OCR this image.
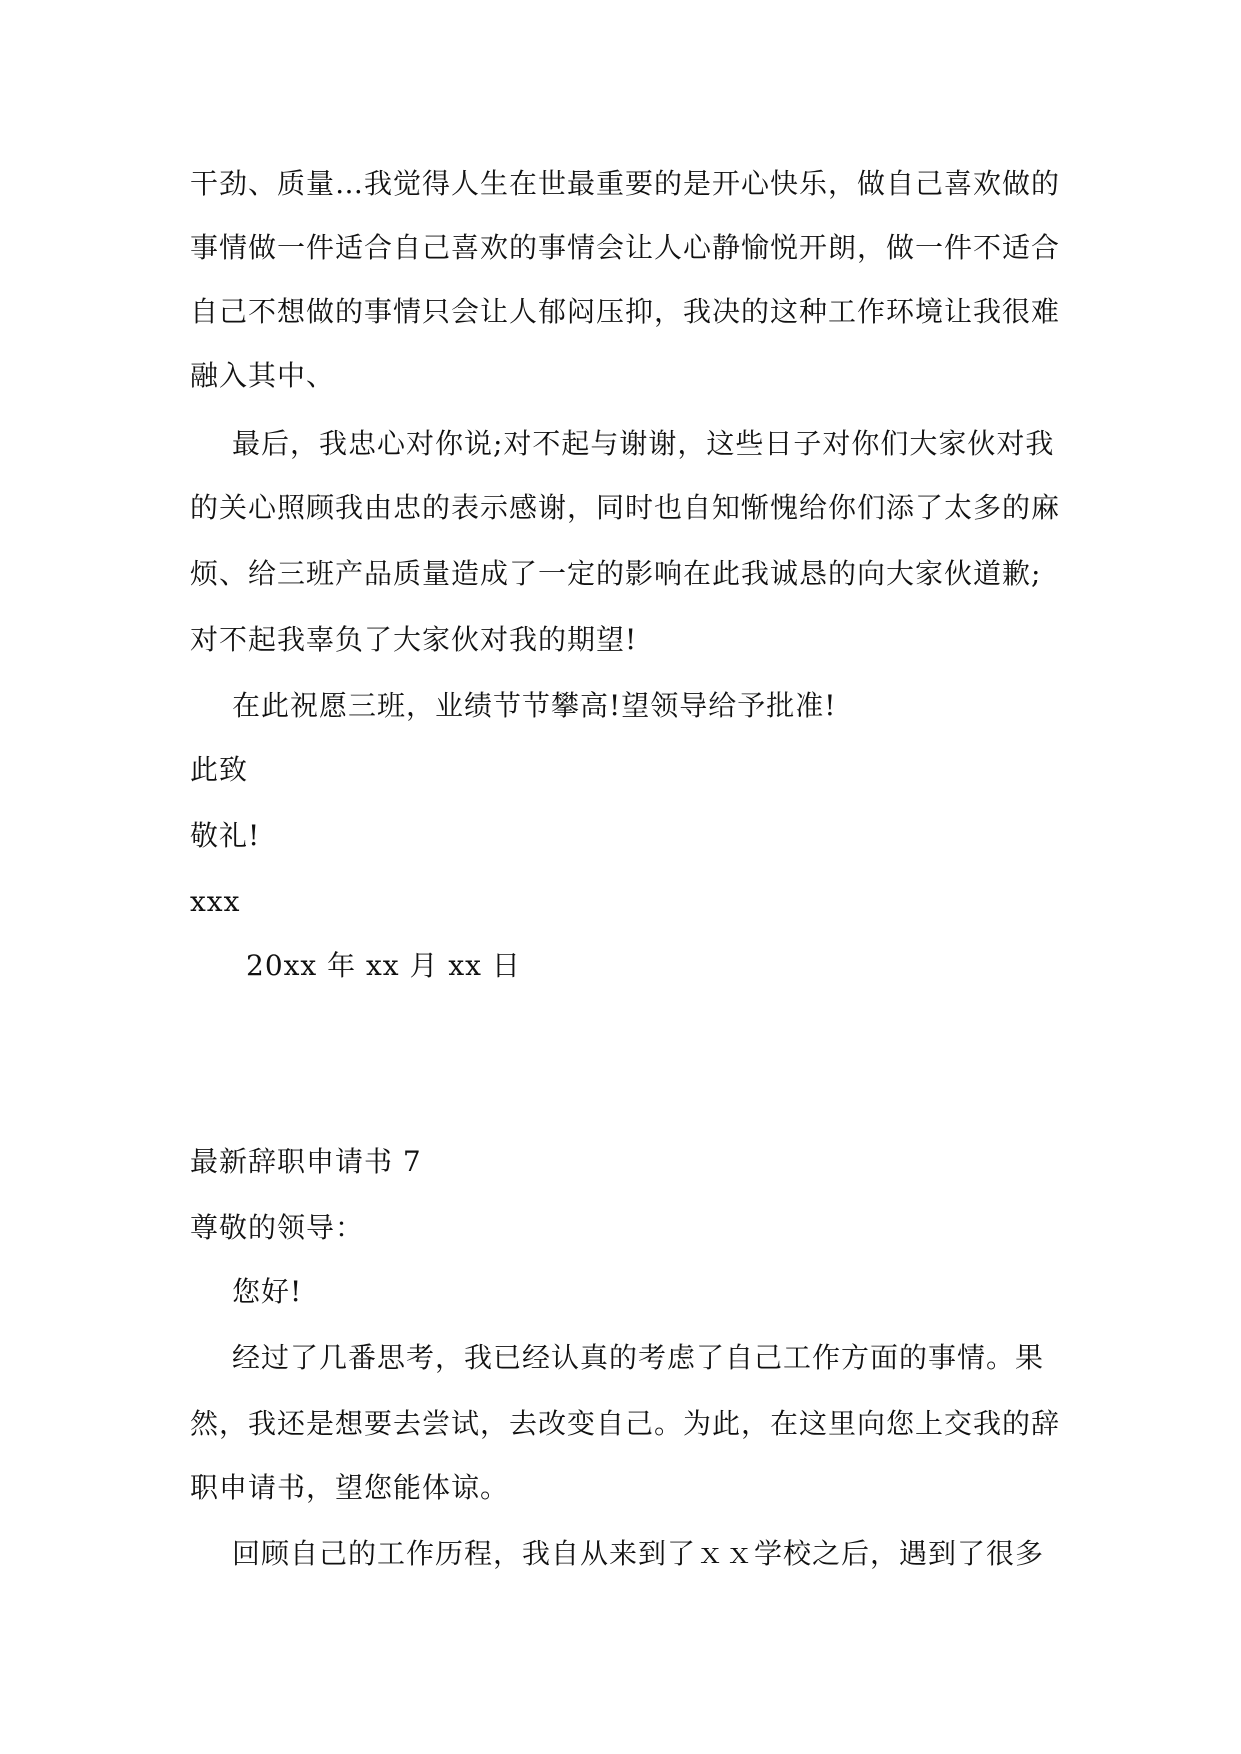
干劲、质量…我觉得人生在世最重要的是开心快乐，做自己喜欢做的
事情做一件适合自己喜欢的事情会让人心静愉悦开朗，做一件不适合
自己不想做的事情只会让人郁闷压抑，我决的这种工作环境让我很难
融入其中、
最后，我忠心对你说;对不起与谢谢，这些日子对你们大家伙对我
的关心照顾我由忠的表示感谢，同时也自知惭愧给你们添了太多的麻
烦、给三班产品质量造成了一定的影响在此我诚恳的向大家伙道歉;
对不起我辜负了大家伙对我的期望!
在此祝愿三班，业绩节节攀高!望领导给予批准!
此致
敬礼!
xxx
20xx 年 xx 月 xx 日
最新辞职申请书 7
尊敬的领导：
您好!
经过了几番思考，我已经认真的考虑了自己工作方面的事情。果
然，我还是想要去尝试，去改变自己。为此，在这里向您上交我的辞
职申请书，望您能体谅。
回顾自己的工作历程，我自从来到了ｘｘ学校之后，遇到了很多
